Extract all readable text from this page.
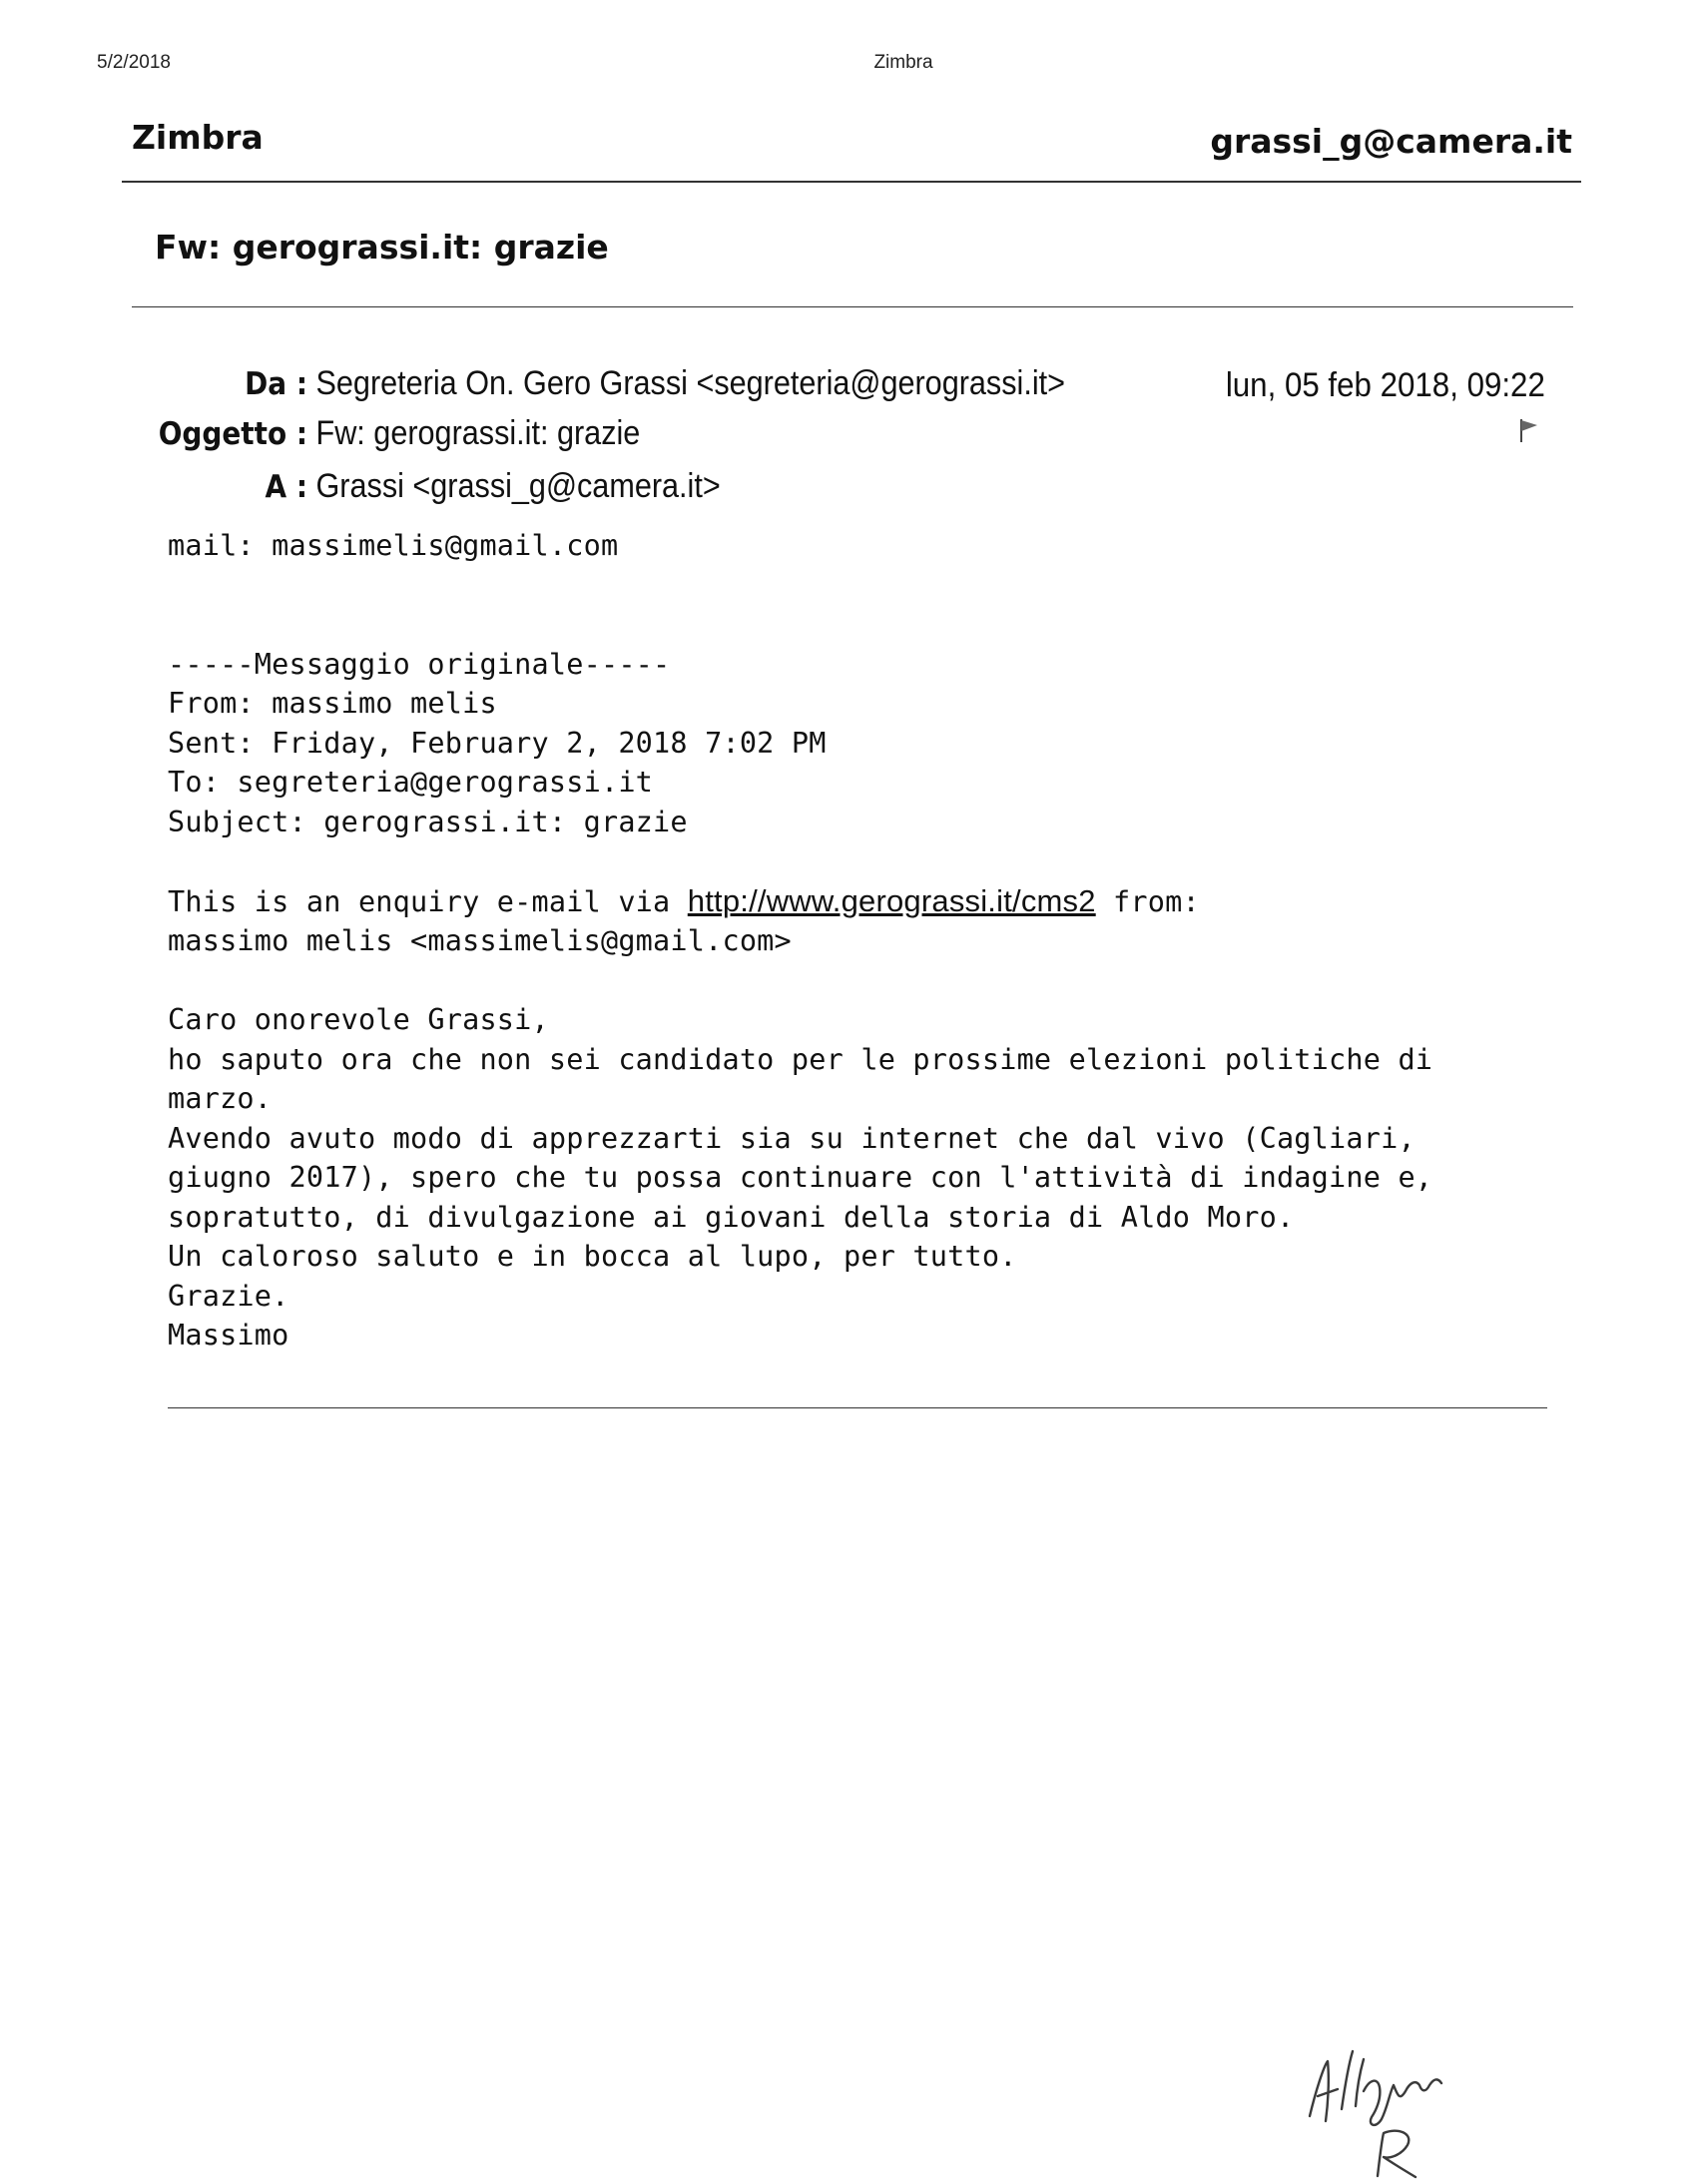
5/2/2018	Zimbra
Zimbra	grassi_g@camera.it
Fw: gerograssi.it: grazie
Da : Segreteria On. Gero Grassi <segreteria@gerograssi.it>	lun, 05 feb 2018, 09:22
Oggetto : Fw: gerograssi.it: grazie
A : Grassi <grassi_g@camera.it>
mail: massimelis@gmail.com
-----Messaggio originale-----
From: massimo melis
Sent: Friday, February 2, 2018 7:02 PM
To: segreteria@gerograssi.it
Subject: gerograssi.it: grazie
This is an enquiry e-mail via http://www.gerograssi.it/cms2 from:
massimo melis <massimelis@gmail.com>
Caro onorevole Grassi,
ho saputo ora che non sei candidato per le prossime elezioni politiche di
marzo.
Avendo avuto modo di apprezzarti sia su internet che dal vivo (Cagliari,
giugno 2017), spero che tu possa continuare con l'attività di indagine e,
sopratutto, di divulgazione ai giovani della storia di Aldo Moro.
Un caloroso saluto e in bocca al lupo, per tutto.
Grazie.
Massimo
